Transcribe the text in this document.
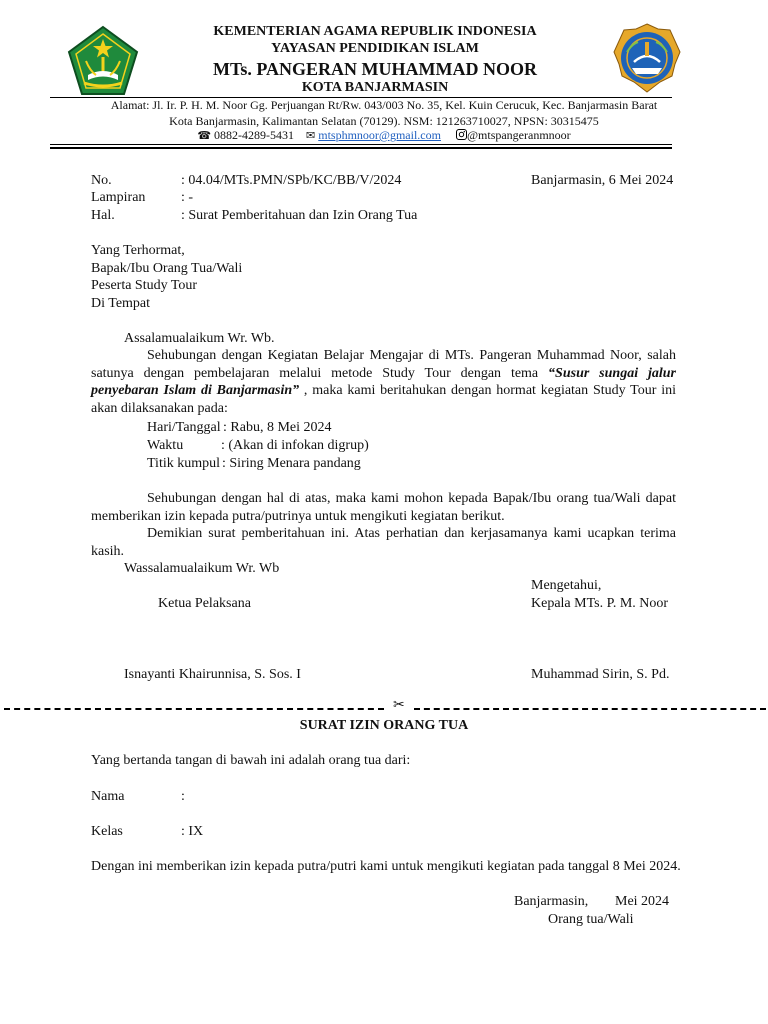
KEMENTERIAN AGAMA REPUBLIK INDONESIA
YAYASAN PENDIDIKAN ISLAM
MTs. PANGERAN MUHAMMAD NOOR
KOTA BANJARMASIN
Alamat: Jl. Ir. P. H. M. Noor Gg. Perjuangan Rt/Rw. 043/003 No. 35, Kel. Kuin Cerucuk, Kec. Banjarmasin Barat
Kota Banjarmasin, Kalimantan Selatan (70129). NSM: 121263710027, NPSN: 30315475
☎ 0882-4289-5431 ✉ mtsphmnoor@gmail.com @mtspangeranmnoor
No.	: 04.04/MTs.PMN/SPb/KC/BB/V/2024	Banjarmasin, 6 Mei 2024
Lampiran	: -
Hal.	: Surat Pemberitahuan dan Izin Orang Tua
Yang Terhormat,
Bapak/Ibu Orang Tua/Wali
Peserta Study Tour
Di Tempat
Assalamualaikum Wr. Wb.
Sehubungan dengan Kegiatan Belajar Mengajar di MTs. Pangeran Muhammad Noor, salah satunya dengan pembelajaran melalui metode Study Tour dengan tema “Susur sungai jalur penyebaran Islam di Banjarmasin” , maka kami beritahukan dengan hormat kegiatan Study Tour ini akan dilaksanakan pada:
Hari/Tanggal : Rabu, 8 Mei 2024
Waktu	: (Akan di infokan digrup)
Titik kumpul : Siring Menara pandang
Sehubungan dengan hal di atas, maka kami mohon kepada Bapak/Ibu orang tua/Wali dapat memberikan izin kepada putra/putrinya untuk mengikuti kegiatan berikut.
Demikian surat pemberitahuan ini. Atas perhatian dan kerjasamanya kami ucapkan terima kasih.
Wassalamualaikum Wr. Wb
Mengetahui,
Ketua Pelaksana	Kepala MTs. P. M. Noor
Isnayanti Khairunnisa, S. Sos. I	Muhammad Sirin, S. Pd.
✂
SURAT IZIN ORANG TUA
Yang bertanda tangan di bawah ini adalah orang tua dari:
Nama	:
Kelas	: IX
Dengan ini memberikan izin kepada putra/putri kami untuk mengikuti kegiatan pada tanggal 8 Mei 2024.
Banjarmasin, Mei 2024
Orang tua/Wali
